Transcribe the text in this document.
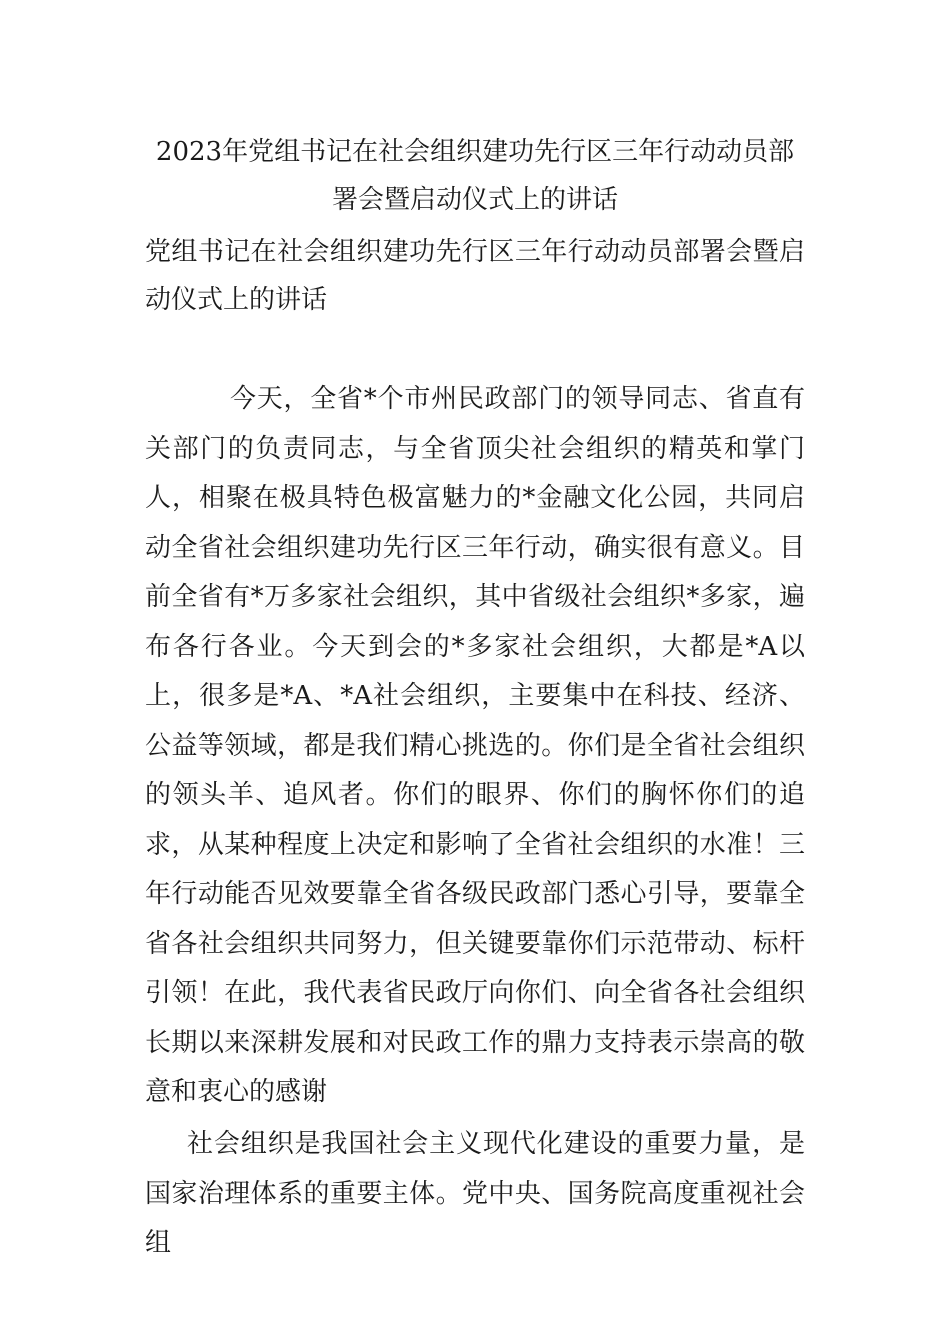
2023年党组书记在社会组织建功先行区三年行动动员部署会暨启动仪式上的讲话

党组书记在社会组织建功先行区三年行动动员部署会暨启动仪式上的讲话

今天，全省*个市州民政部门的领导同志、省直有关部门的负责同志，与全省顶尖社会组织的精英和掌门人，相聚在极具特色极富魅力的*金融文化公园，共同启动全省社会组织建功先行区三年行动，确实很有意义。目前全省有*万多家社会组织，其中省级社会组织*多家，遍布各行各业。今天到会的*多家社会组织，大都是*A以上，很多是*A、*A社会组织，主要集中在科技、经济、公益等领域，都是我们精心挑选的。你们是全省社会组织的领头羊、追风者。你们的眼界、你们的胸怀你们的追求，从某种程度上决定和影响了全省社会组织的水准！三年行动能否见效要靠全省各级民政部门悉心引导，要靠全省各社会组织共同努力，但关键要靠你们示范带动、标杆引领！在此，我代表省民政厅向你们、向全省各社会组织长期以来深耕发展和对民政工作的鼎力支持表示崇高的敬意和衷心的感谢

社会组织是我国社会主义现代化建设的重要力量，是国家治理体系的重要主体。党中央、国务院高度重视社会组
